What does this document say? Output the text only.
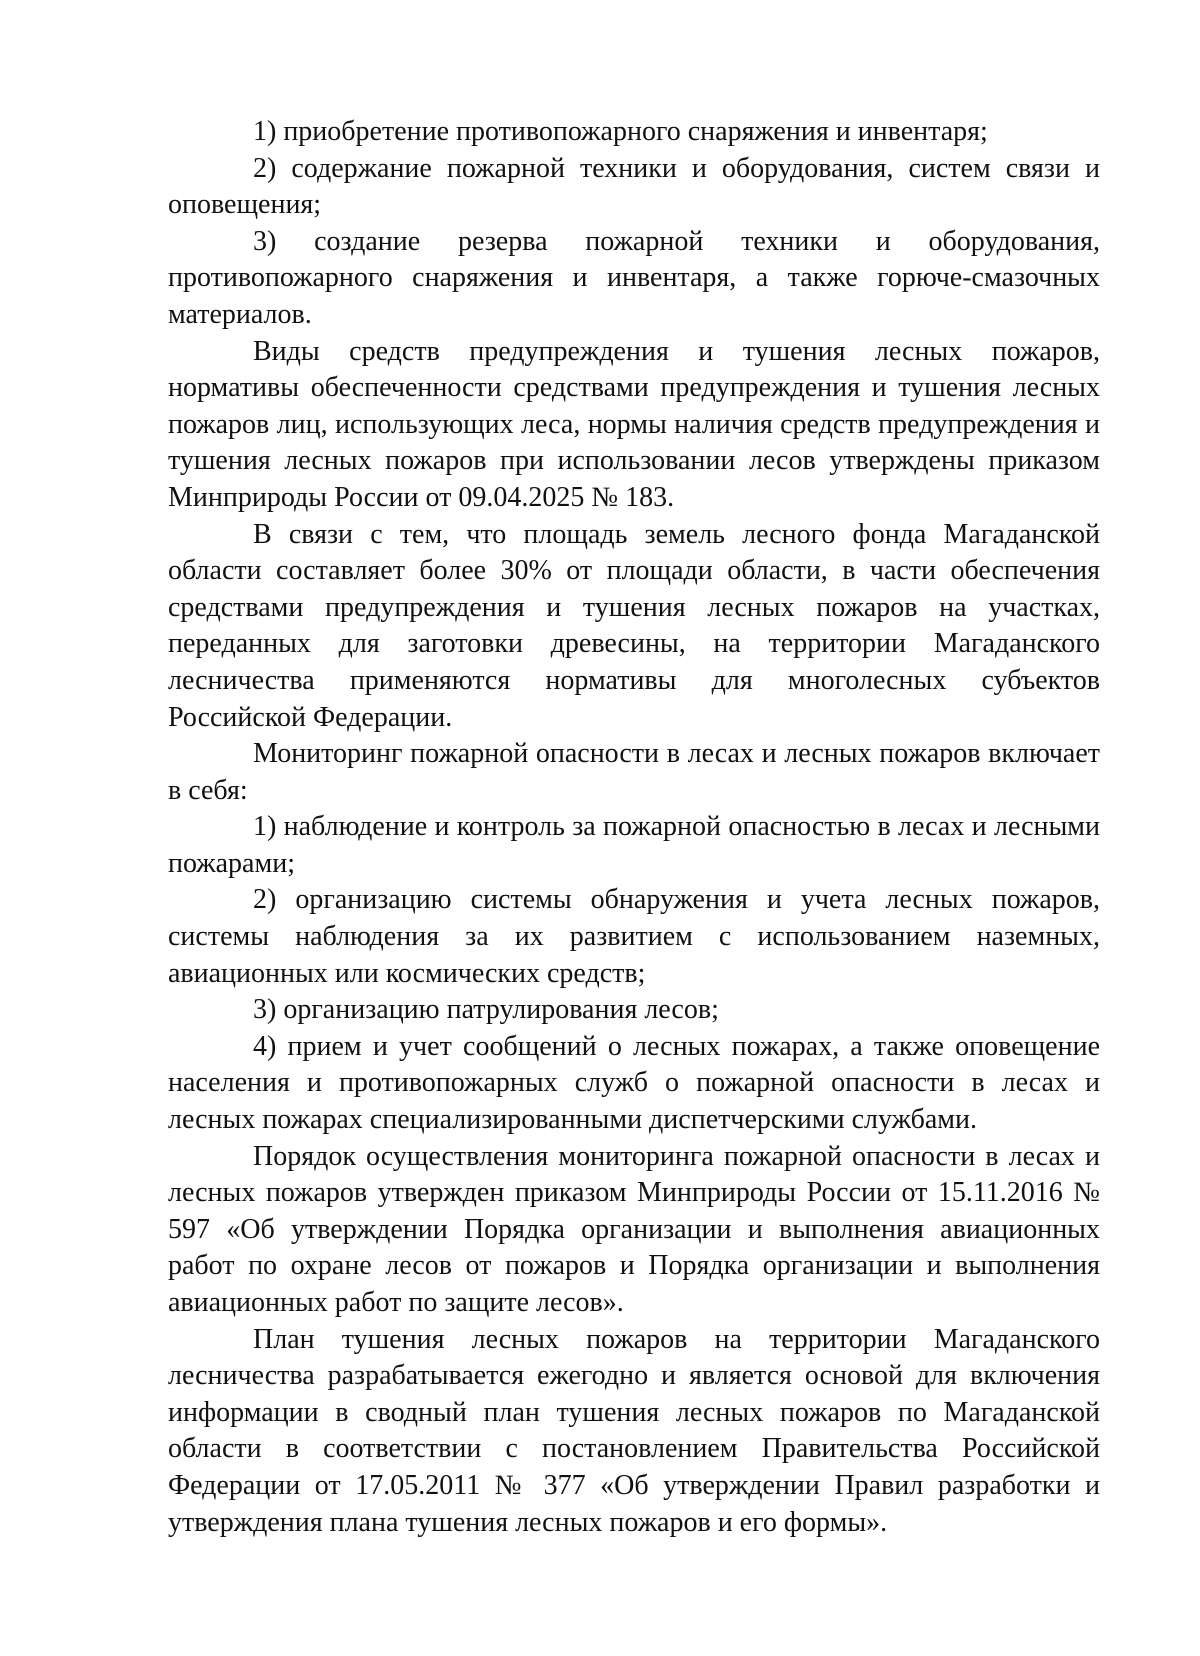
1) приобретение противопожарного снаряжения и инвентаря;

2) содержание пожарной техники и оборудования, систем связи и оповещения;

3) создание резерва пожарной техники и оборудования, противопожарного снаряжения и инвентаря, а также горюче-смазочных материалов.

Виды средств предупреждения и тушения лесных пожаров, нормативы обеспеченности средствами предупреждения и тушения лесных пожаров лиц, использующих леса, нормы наличия средств предупреждения и тушения лесных пожаров при использовании лесов утверждены приказом Минприроды России от 09.04.2025 № 183.

В связи с тем, что площадь земель лесного фонда Магаданской области составляет более 30% от площади области, в части обеспечения средствами предупреждения и тушения лесных пожаров на участках, переданных для заготовки древесины, на территории Магаданского лесничества применяются нормативы для многолесных субъектов Российской Федерации.

Мониторинг пожарной опасности в лесах и лесных пожаров включает в себя:

1) наблюдение и контроль за пожарной опасностью в лесах и лесными пожарами;

2) организацию системы обнаружения и учета лесных пожаров, системы наблюдения за их развитием с использованием наземных, авиационных или космических средств;

3) организацию патрулирования лесов;

4) прием и учет сообщений о лесных пожарах, а также оповещение населения и противопожарных служб о пожарной опасности в лесах и лесных пожарах специализированными диспетчерскими службами.

Порядок осуществления мониторинга пожарной опасности в лесах и лесных пожаров утвержден приказом Минприроды России от 15.11.2016 № 597 «Об утверждении Порядка организации и выполнения авиационных работ по охране лесов от пожаров и Порядка организации и выполнения авиационных работ по защите лесов».

План тушения лесных пожаров на территории Магаданского лесничества разрабатывается ежегодно и является основой для включения информации в сводный план тушения лесных пожаров по Магаданской области в соответствии с постановлением Правительства Российской Федерации от 17.05.2011 № 377 «Об утверждении Правил разработки и утверждения плана тушения лесных пожаров и его формы».
